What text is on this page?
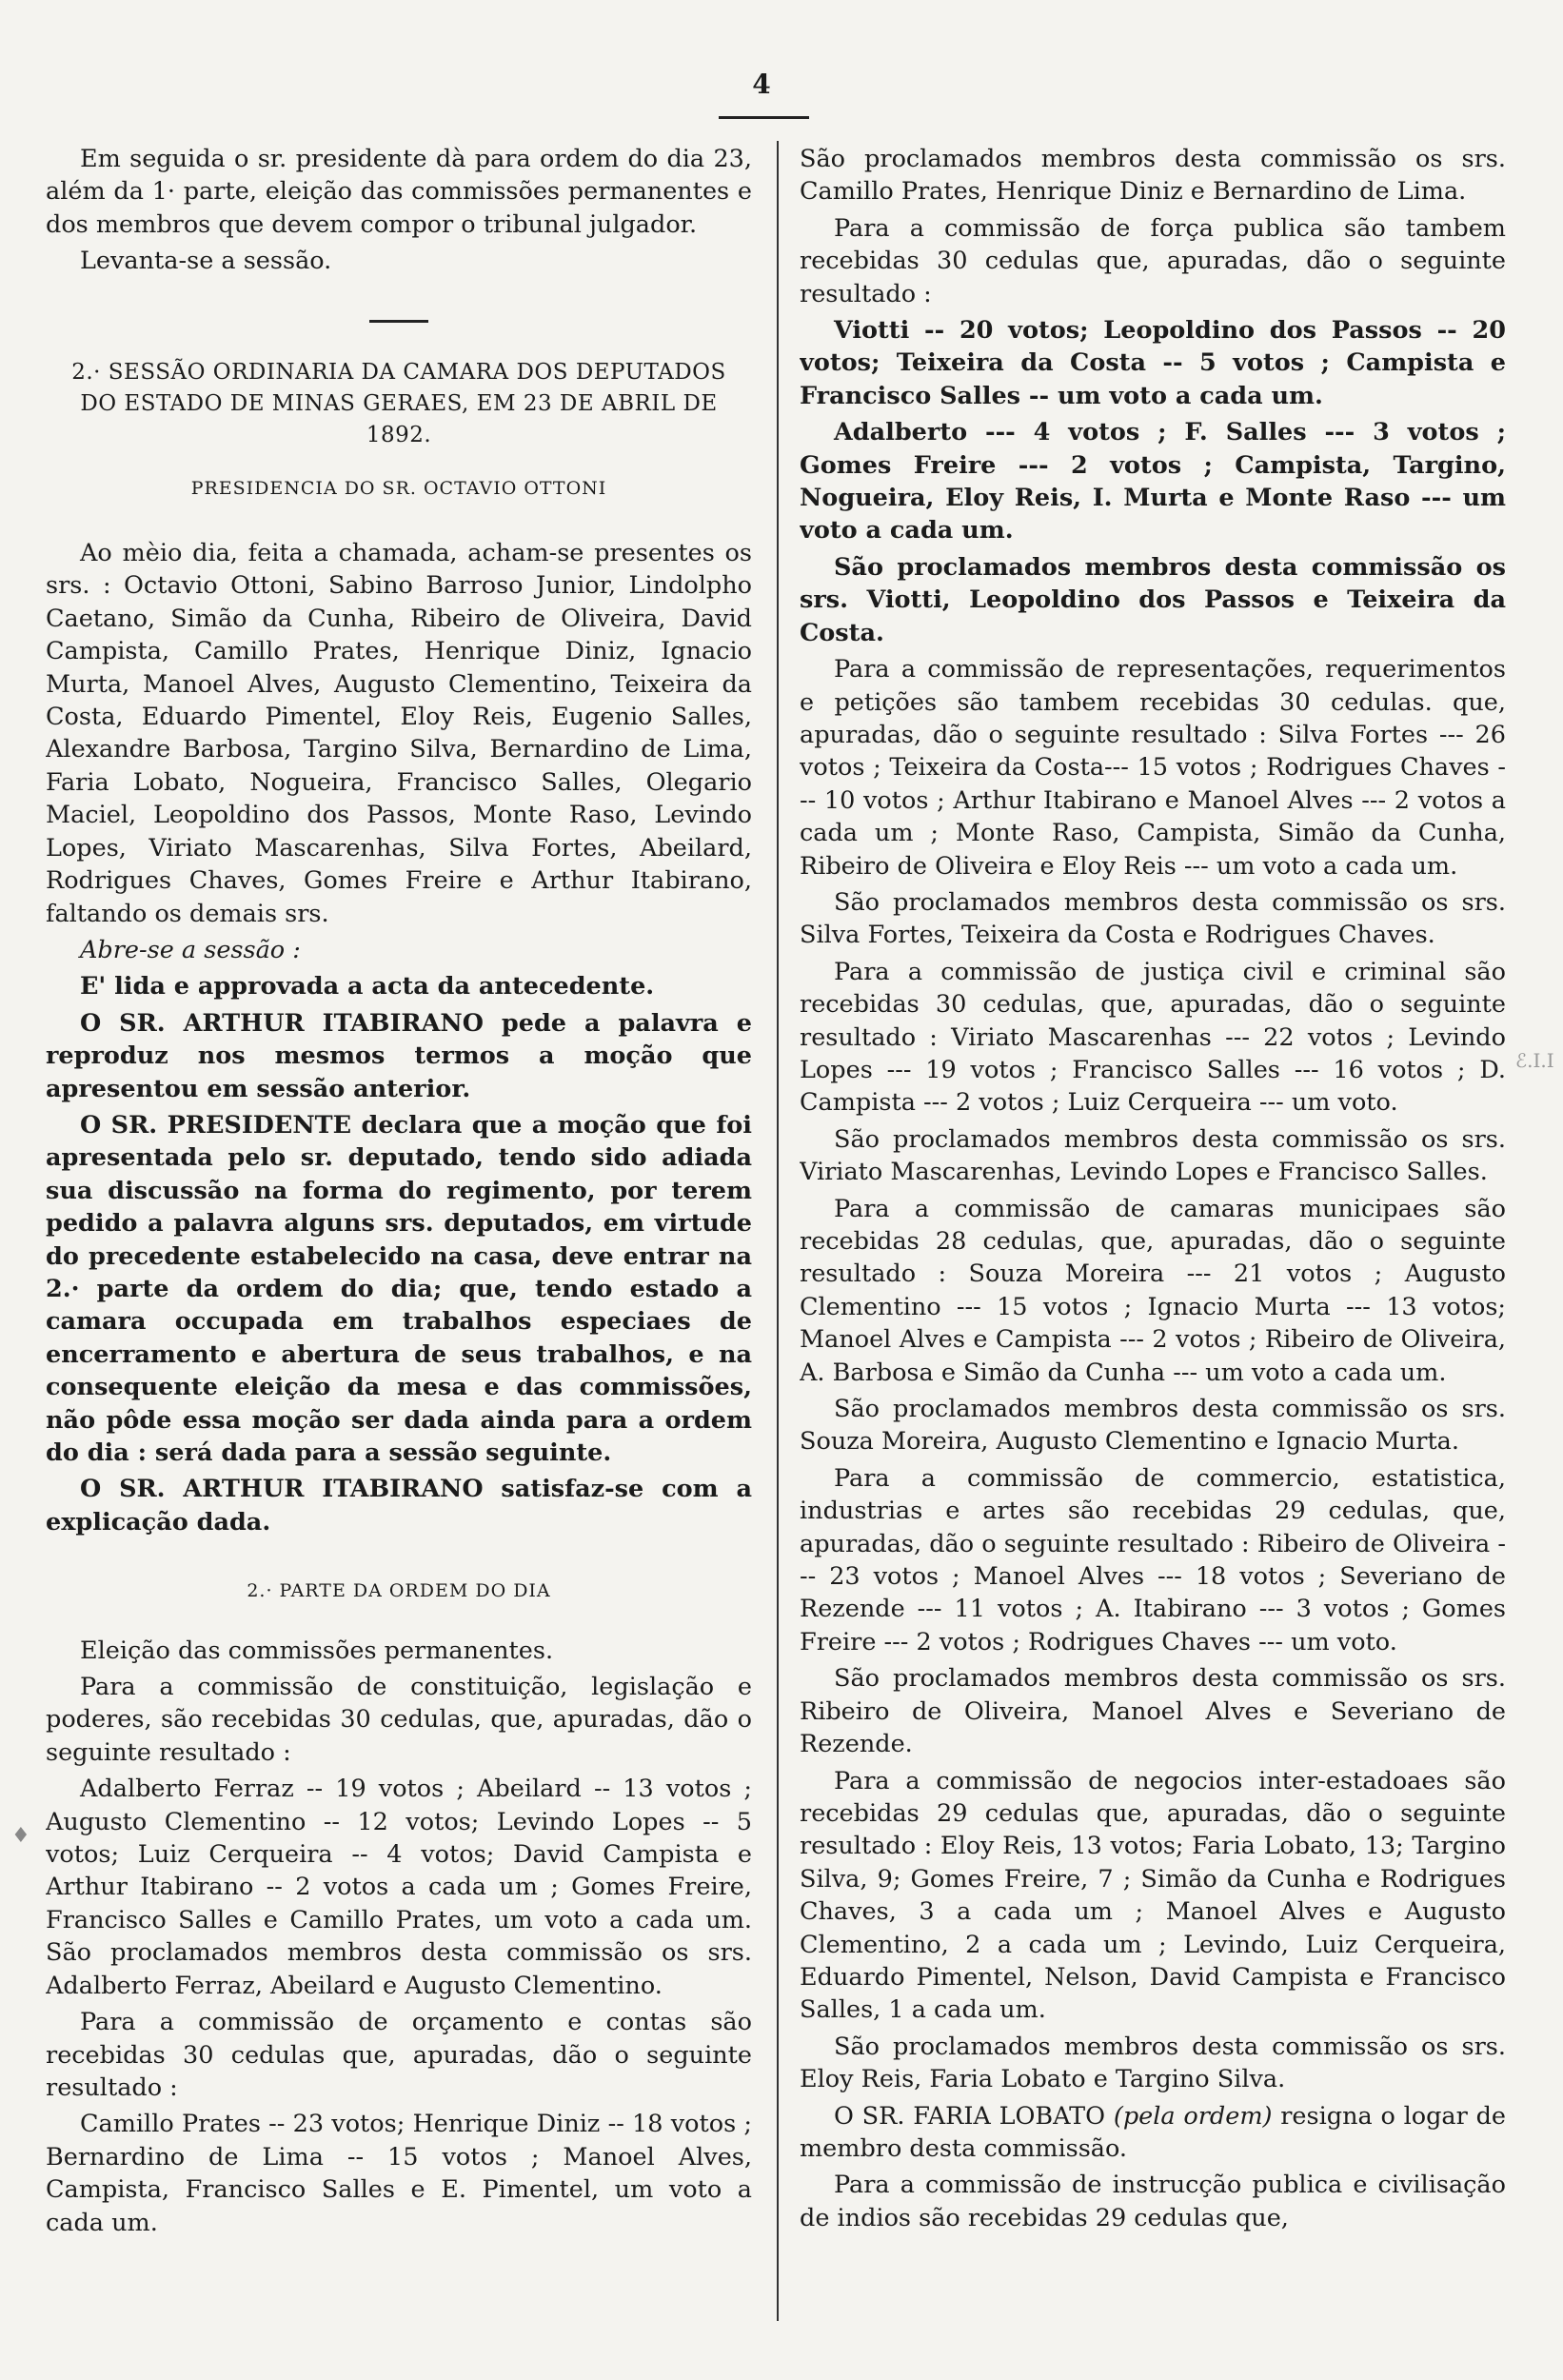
4

Em seguida o sr. presidente dà para ordem do dia 23, além da 1· parte, eleição das commissões permanentes e dos membros que devem compor o tribunal julgador.

Levanta-se a sessão.

2.· SESSÃO ORDINARIA DA CAMARA DOS DEPUTADOS DO ESTADO DE MINAS GERAES, EM 23 DE ABRIL DE 1892.
PRESIDENCIA DO SR. OCTAVIO OTTONI

Ao mèio dia, feita a chamada, acham-se presentes os srs. : Octavio Ottoni, Sabino Barroso Junior, Lindolpho Caetano, Simão da Cunha, Ribeiro de Oliveira, David Campista, Camillo Prates, Henrique Diniz, Ignacio Murta, Manoel Alves, Augusto Clementino, Teixeira da Costa, Eduardo Pimentel, Eloy Reis, Eugenio Salles, Alexandre Barbosa, Targino Silva, Bernardino de Lima, Faria Lobato, Nogueira, Francisco Salles, Olegario Maciel, Leopoldino dos Passos, Monte Raso, Levindo Lopes, Viriato Mascarenhas, Silva Fortes, Abeilard, Rodrigues Chaves, Gomes Freire e Arthur Itabirano, faltando os demais srs.

Abre-se a sessão :

E' lida e approvada a acta da antecedente.

O SR. ARTHUR ITABIRANO pede a palavra e reproduz nos mesmos termos a moção que apresentou em sessão anterior.

O SR. PRESIDENTE declara que a moção que foi apresentada pelo sr. deputado, tendo sido adiada sua discussão na forma do regimento, por terem pedido a palavra alguns srs. deputados, em virtude do precedente estabelecido na casa, deve entrar na 2.· parte da ordem do dia; que, tendo estado a camara occupada em trabalhos especiaes de encerramento e abertura de seus trabalhos, e na consequente eleição da mesa e das commissões, não pôde essa moção ser dada ainda para a ordem do dia : será dada para a sessão seguinte.

O SR. ARTHUR ITABIRANO satisfaz-se com a explicação dada.

2.· PARTE DA ORDEM DO DIA

Eleição das commissões permanentes.

Para a commissão de constituição, legislação e poderes, são recebidas 30 cedulas, que, apuradas, dão o seguinte resultado :

Adalberto Ferraz -- 19 votos ; Abeilard -- 13 votos ; Augusto Clementino -- 12 votos; Levindo Lopes -- 5 votos; Luiz Cerqueira -- 4 votos; David Campista e Arthur Itabirano -- 2 votos a cada um ; Gomes Freire, Francisco Salles e Camillo Prates, um voto a cada um. São proclamados membros desta commissão os srs. Adalberto Ferraz, Abeilard e Augusto Clementino.

Para a commissão de orçamento e contas são recebidas 30 cedulas que, apuradas, dão o seguinte resultado :

Camillo Prates -- 23 votos; Henrique Diniz -- 18 votos ; Bernardino de Lima -- 15 votos ; Manoel Alves, Campista, Francisco Salles e E. Pimentel, um voto a cada um.

São proclamados membros desta commissão os srs. Camillo Prates, Henrique Diniz e Bernardino de Lima.

Para a commissão de força publica são tambem recebidas 30 cedulas que, apuradas, dão o seguinte resultado :

Viotti -- 20 votos; Leopoldino dos Passos -- 20 votos; Teixeira da Costa -- 5 votos ; Campista e Francisco Salles -- um voto a cada um.

Adalberto --- 4 votos ; F. Salles --- 3 votos ; Gomes Freire --- 2 votos ; Campista, Targino, Nogueira, Eloy Reis, I. Murta e Monte Raso --- um voto a cada um.

São proclamados membros desta commissão os srs. Viotti, Leopoldino dos Passos e Teixeira da Costa.

Para a commissão de representações, requerimentos e petições são tambem recebidas 30 cedulas. que, apuradas, dão o seguinte resultado : Silva Fortes --- 26 votos ; Teixeira da Costa--- 15 votos ; Rodrigues Chaves --- 10 votos ; Arthur Itabirano e Manoel Alves --- 2 votos a cada um ; Monte Raso, Campista, Simão da Cunha, Ribeiro de Oliveira e Eloy Reis --- um voto a cada um.

São proclamados membros desta commissão os srs. Silva Fortes, Teixeira da Costa e Rodrigues Chaves.

Para a commissão de justiça civil e criminal são recebidas 30 cedulas, que, apuradas, dão o seguinte resultado : Viriato Mascarenhas --- 22 votos ; Levindo Lopes --- 19 votos ; Francisco Salles --- 16 votos ; D. Campista --- 2 votos ; Luiz Cerqueira --- um voto.

São proclamados membros desta commissão os srs. Viriato Mascarenhas, Levindo Lopes e Francisco Salles.

Para a commissão de camaras municipaes são recebidas 28 cedulas, que, apuradas, dão o seguinte resultado : Souza Moreira --- 21 votos ; Augusto Clementino --- 15 votos ; Ignacio Murta --- 13 votos; Manoel Alves e Campista --- 2 votos ; Ribeiro de Oliveira, A. Barbosa e Simão da Cunha --- um voto a cada um.

São proclamados membros desta commissão os srs. Souza Moreira, Augusto Clementino e Ignacio Murta.

Para a commissão de commercio, estatistica, industrias e artes são recebidas 29 cedulas, que, apuradas, dão o seguinte resultado : Ribeiro de Oliveira --- 23 votos ; Manoel Alves --- 18 votos ; Severiano de Rezende --- 11 votos ; A. Itabirano --- 3 votos ; Gomes Freire --- 2 votos ; Rodrigues Chaves --- um voto.

São proclamados membros desta commissão os srs. Ribeiro de Oliveira, Manoel Alves e Severiano de Rezende.

Para a commissão de negocios inter-estadoaes são recebidas 29 cedulas que, apuradas, dão o seguinte resultado : Eloy Reis, 13 votos; Faria Lobato, 13; Targino Silva, 9; Gomes Freire, 7 ; Simão da Cunha e Rodrigues Chaves, 3 a cada um ; Manoel Alves e Augusto Clementino, 2 a cada um ; Levindo, Luiz Cerqueira, Eduardo Pimentel, Nelson, David Campista e Francisco Salles, 1 a cada um.

São proclamados membros desta commissão os srs. Eloy Reis, Faria Lobato e Targino Silva.

O SR. FARIA LOBATO (pela ordem) resigna o logar de membro desta commissão.

Para a commissão de instrucção publica e civilisação de indios são recebidas 29 cedulas que,

ℰ.I.I
♦
